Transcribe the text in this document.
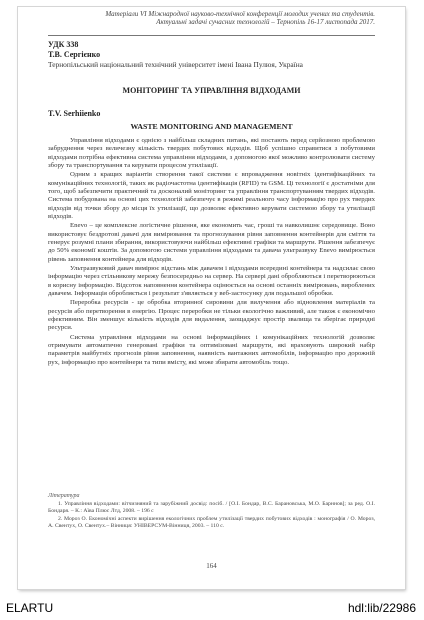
Матеріали VI Міжнародної науково-технічної конференції молодих учених та студентів.
Актуальні задачі сучасних технологій – Тернопіль 16-17 листопада 2017.
УДК 338
Т.В. Сергієнко
Тернопільський національний технічний університет імені Івана Пулюя, Україна
МОНІТОРИНГ ТА УПРАВЛІННЯ ВІДХОДАМИ
T.V. Serhiienko
WASTE MONITORING AND MANAGEMENT

Управління відходами є однією з найбільш складних питань, які постають перед серйозною проблемою забруднення через величезну кількість твердих побутових відходів. Щоб успішно справитися з побутовими відходами потрібна ефективна система управління відходами, з допомогою якої можливо контролювати систему збору та транспортування та керувати процесом утилізації.

Одним з кращих варіантів створення такої системи є впровадження новітніх ідентифікаційних та комунікаційних технологій, таких як радіочастотна ідентифікація (RFID) та GSM. Ці технології є достатніми для того, щоб забезпечити практичний та досконалий моніторинг та управління транспортуванням твердих відходів. Система побудована на основі цих технологій забезпечує в режимі реального часу інформацію про рух твердих відходів від точки збору до місця їх утилізації, що дозволяє ефективно керувати системою збору та утилізації відходів.

Enevo – це комплексне логістичне рішення, яке економить час, гроші та навколишнє середовище. Воно використовує бездротові давачі для вимірювання та прогнозування рівня заповнення контейнерів для сміття та генерує розумні плани збирання, використовуючи найбільш ефективні графіки та маршрути. Рішення забезпечує до 50% економії коштів. За допомогою системи управління відходами та давача ультразвуку Enevo вимірюється рівень заповнення контейнера для відходів.

Ультразвуковий давач вимірює відстань між давачем і відходами всередині контейнера та надсилає свою інформацію через стільникову мережу безпосередньо на сервер. На сервері дані обробляються і перетворюються в корисну інформацію. Відсоток наповнення контейнера оцінюється на основі останніх вимірювань, вироблених давачем. Інформація обробляється і результат з'являється у веб-застосунку для подальшої обробки.

Переробка ресурсів - це обробка вторинної сировини для вилучення або відновлення матеріалів та ресурсів або перетворення в енергію. Процес переробки не тільки екологічно важливий, але також є економічно ефективним. Він зменшує кількість відходів для видалення, заощаджує простір звалища та зберігає природні ресурси.

Система управління відходами на основі інформаційних і комунікаційних технологій дозволяє отримувати автоматично генеровані графіки та оптимізовані маршрути, які враховують широкий набір параметрів майбутніх прогнозів рівня заповнення, наявність вантажних автомобілів, інформацію про дорожній рух, інформацію про контейнери та типи вмісту, які може збирати автомобіль тощо.

Література

1. Управління відходами: вітчизняний та зарубіжний досвід: посіб. / [О.І. Бондар, В.С. Барановська, М.О. Барннов]; за ред. О.І. Бондаря. – К.: Аїва Плюс Лтд, 2008. – 196 с

2. Мороз О. Економічні аспекти вирішення екологічних проблем утилізації твердих побутових відходів : монографія / О. Мороз, А. Свентух, О. Свентух.– Вінниця: УНІВЕРСУМ-Вінниця, 2003. – 110 с.

164
ELARTU	hdl:lib/22986
